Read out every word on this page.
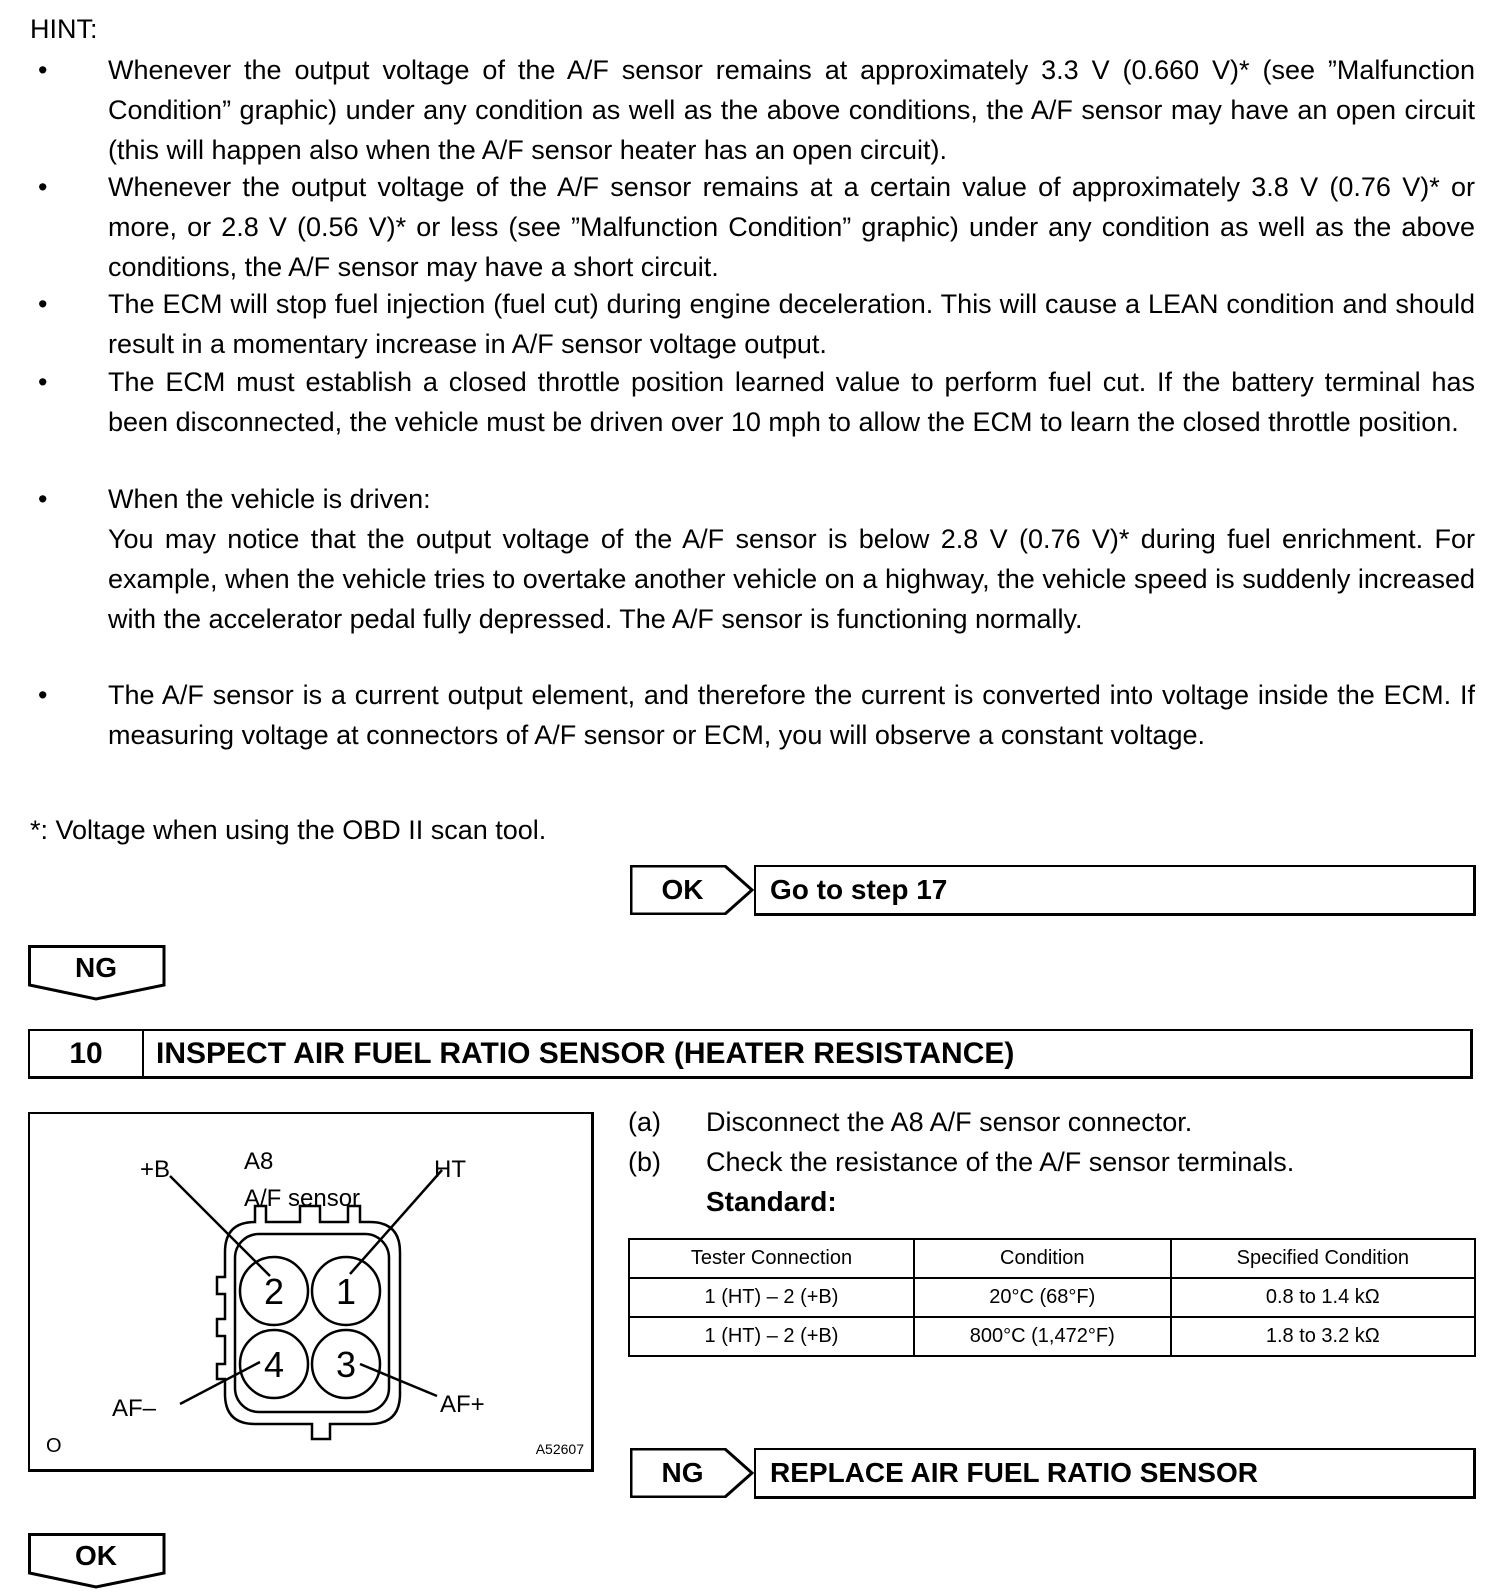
HINT:
• Whenever the output voltage of the A/F sensor remains at approximately 3.3 V (0.660 V)* (see ”Malfunction Condition” graphic) under any condition as well as the above conditions, the A/F sensor may have an open circuit (this will happen also when the A/F sensor heater has an open circuit).
• Whenever the output voltage of the A/F sensor remains at a certain value of approximately 3.8 V (0.76 V)* or more, or 2.8 V (0.56 V)* or less (see ”Malfunction Condition” graphic) under any condition as well as the above conditions, the A/F sensor may have a short circuit.
• The ECM will stop fuel injection (fuel cut) during engine deceleration. This will cause a LEAN condition and should result in a momentary increase in A/F sensor voltage output.
• The ECM must establish a closed throttle position learned value to perform fuel cut. If the battery terminal has been disconnected, the vehicle must be driven over 10 mph to allow the ECM to learn the closed throttle position.
• When the vehicle is driven:
You may notice that the output voltage of the A/F sensor is below 2.8 V (0.76 V)* during fuel enrichment. For example, when the vehicle tries to overtake another vehicle on a highway, the vehicle speed is suddenly increased with the accelerator pedal fully depressed. The A/F sensor is functioning normally.
• The A/F sensor is a current output element, and therefore the current is converted into voltage inside the ECM. If measuring voltage at connectors of A/F sensor or ECM, you will observe a constant voltage.
*: Voltage when using the OBD II scan tool.
OK	Go to step 17
NG
10	INSPECT AIR FUEL RATIO SENSOR (HEATER RESISTANCE)
2 1
4 3
A8
A/F sensor
+B	HT
AF–	AF+
O	A52607
(a) Disconnect the A8 A/F sensor connector.
(b) Check the resistance of the A/F sensor terminals.
Standard:
Tester Connection	Condition	Specified Condition
1 (HT) – 2 (+B)	20°C (68°F)	0.8 to 1.4 kΩ
1 (HT) – 2 (+B)	800°C (1,472°F)	1.8 to 3.2 kΩ
NG	REPLACE AIR FUEL RATIO SENSOR
OK
